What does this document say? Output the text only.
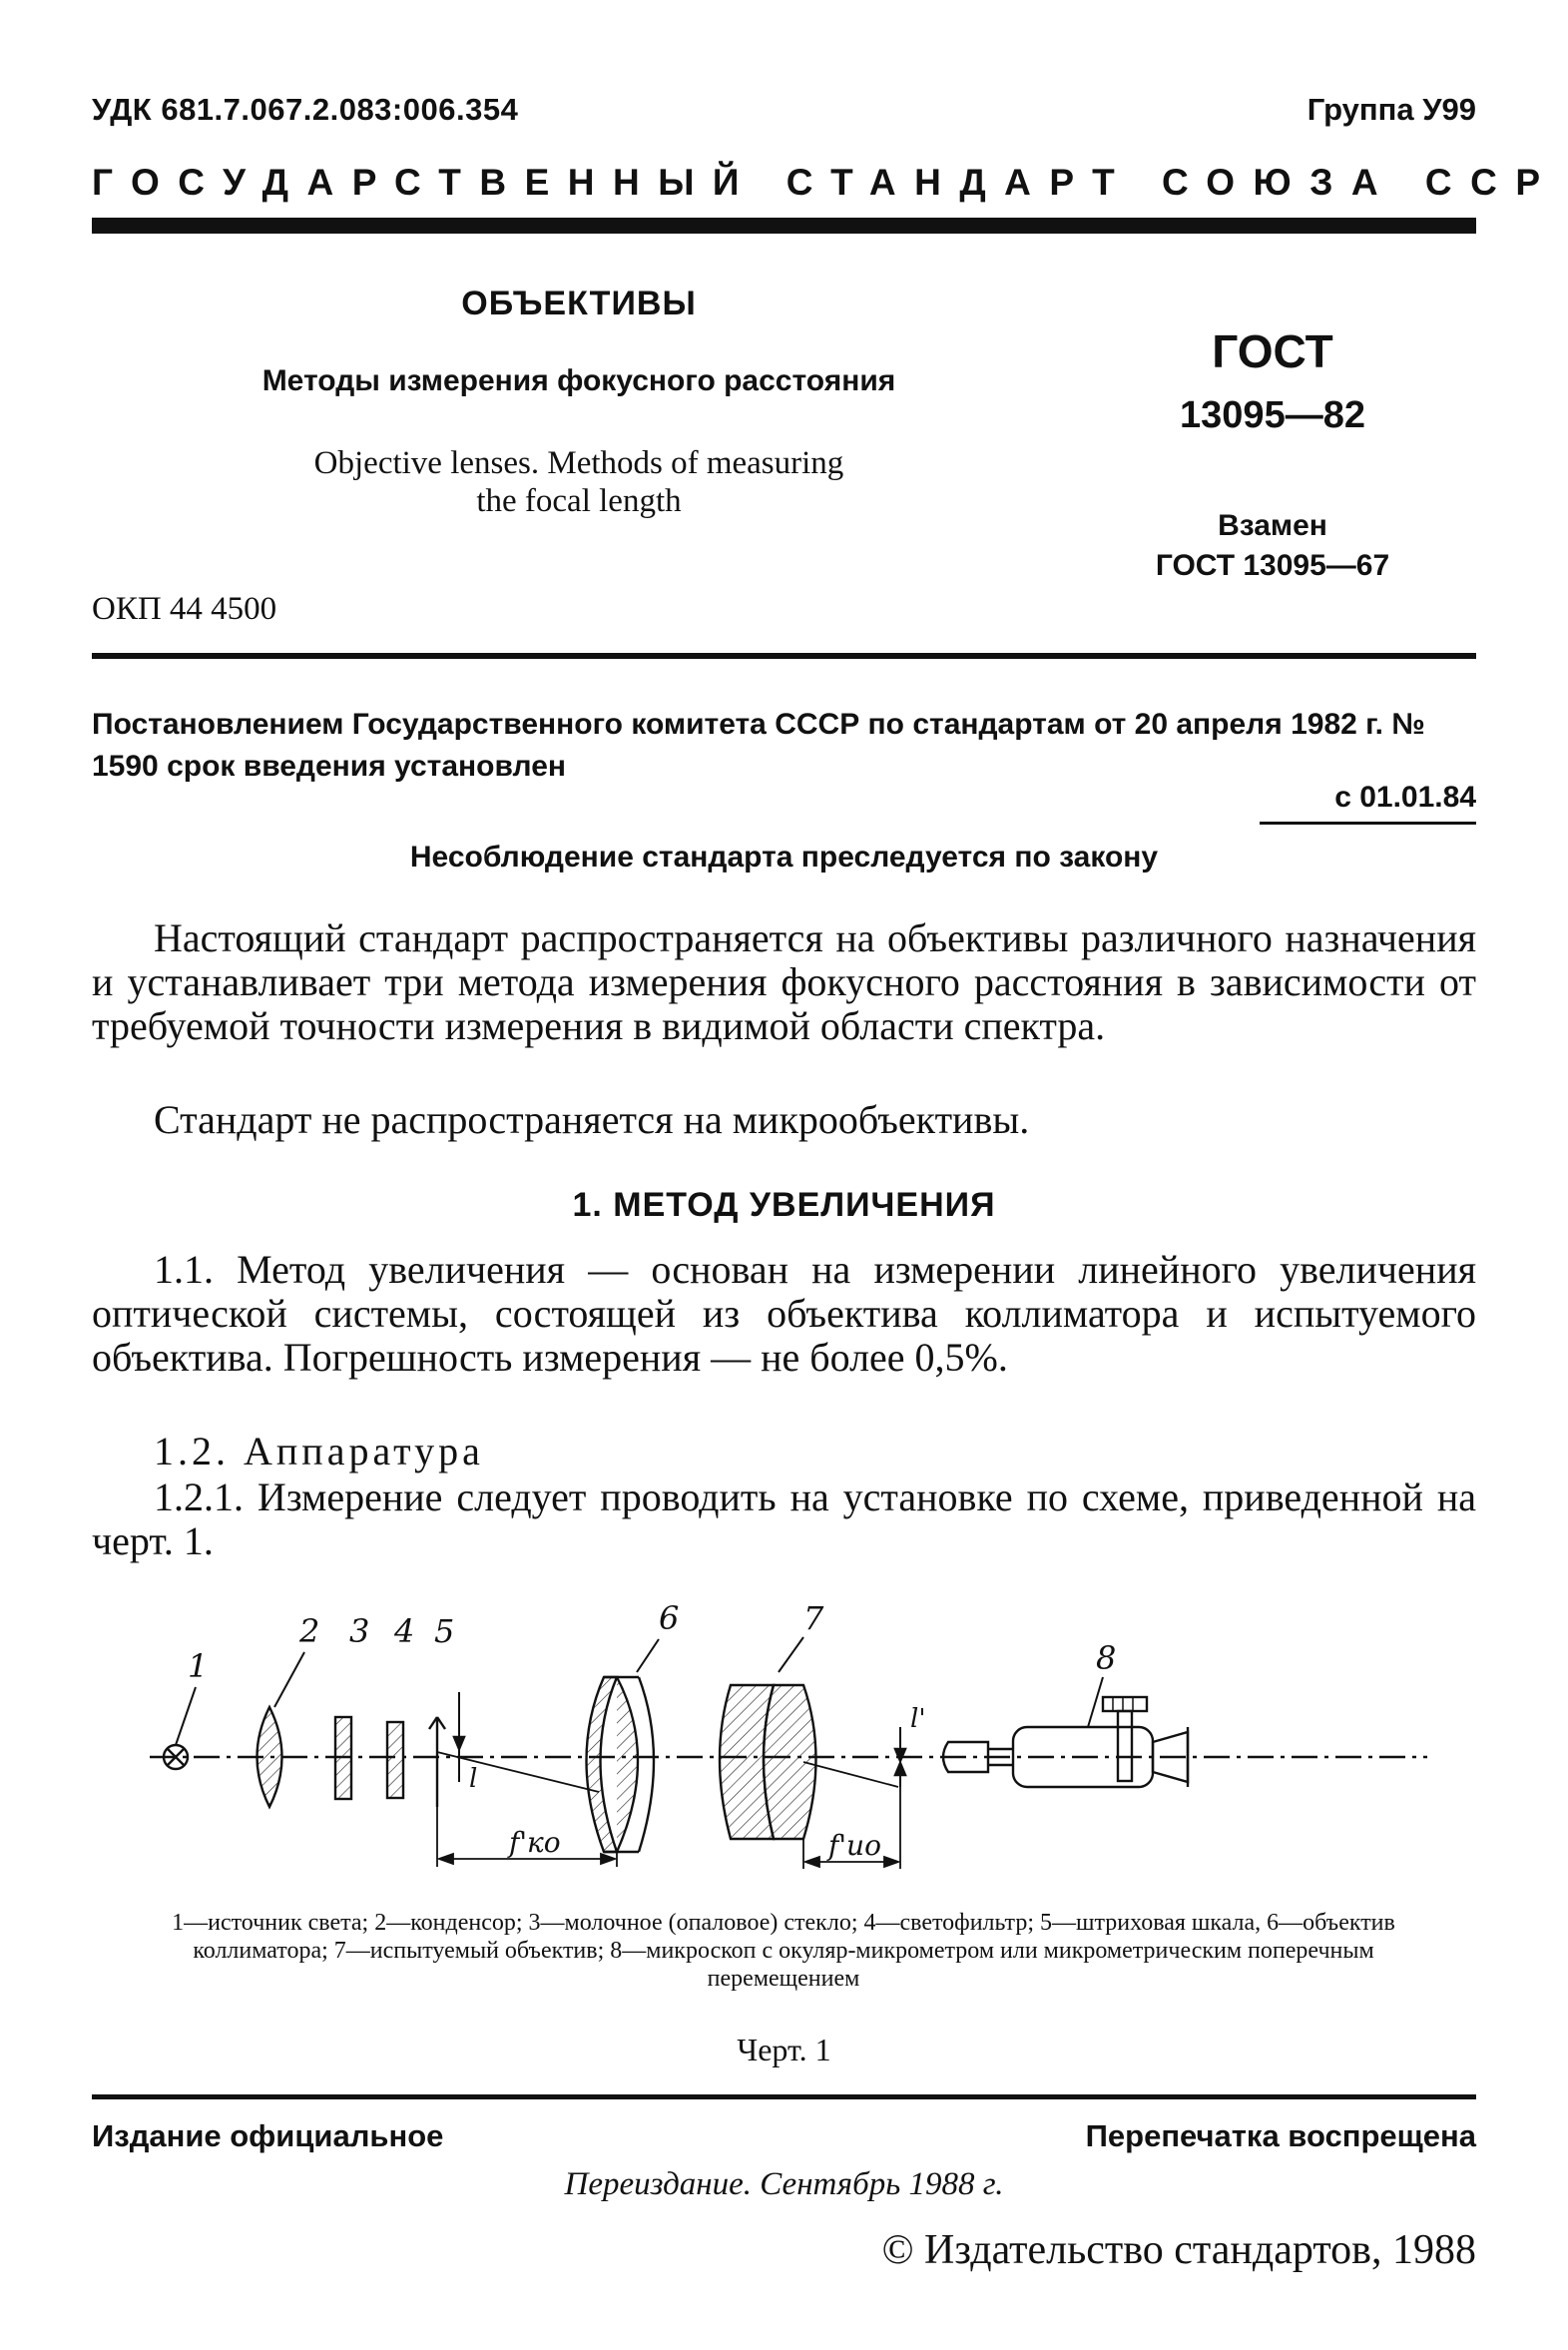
УДК 681.7.067.2.083:006.354	Группа У99
ГОСУДАРСТВЕННЫЙ СТАНДАРТ СОЮЗА ССР
ОБЪЕКТИВЫ
Методы измерения фокусного расстояния
Objective lenses. Methods of measuring
the focal length
ОКП 44 4500
ГОСТ
13095—82
Взамен
ГОСТ 13095—67
Постановлением Государственного комитета СССР по стандартам от 20 апреля 1982 г. № 1590 срок введения установлен
с 01.01.84
Несоблюдение стандарта преследуется по закону
Настоящий стандарт распространяется на объективы различного назначения и устанавливает три метода измерения фокусного расстояния в зависимости от требуемой точности измерения в видимой области спектра.
Стандарт не распространяется на микрообъективы.
1. МЕТОД УВЕЛИЧЕНИЯ
1.1. Метод увеличения — основан на измерении линейного увеличения оптической системы, состоящей из объектива коллиматора и испытуемого объектива. Погрешность измерения — не более 0,5%.
1.2. Аппаратура
1.2.1. Измерение следует проводить на установке по схеме, приведенной на черт. 1.
1
2 3 4 5	6	7
8
l
l'
f'ко	f'ио
1—источник света; 2—конденсор; 3—молочное (опаловое) стекло; 4—светофильтр; 5—штриховая шкала, 6—объектив коллиматора; 7—испытуемый объектив; 8—микроскоп с окуляр-микрометром или микрометрическим поперечным перемещением
Черт. 1
Издание официальное	Перепечатка воспрещена
Переиздание. Сентябрь 1988 г.
© Издательство стандартов, 1988
